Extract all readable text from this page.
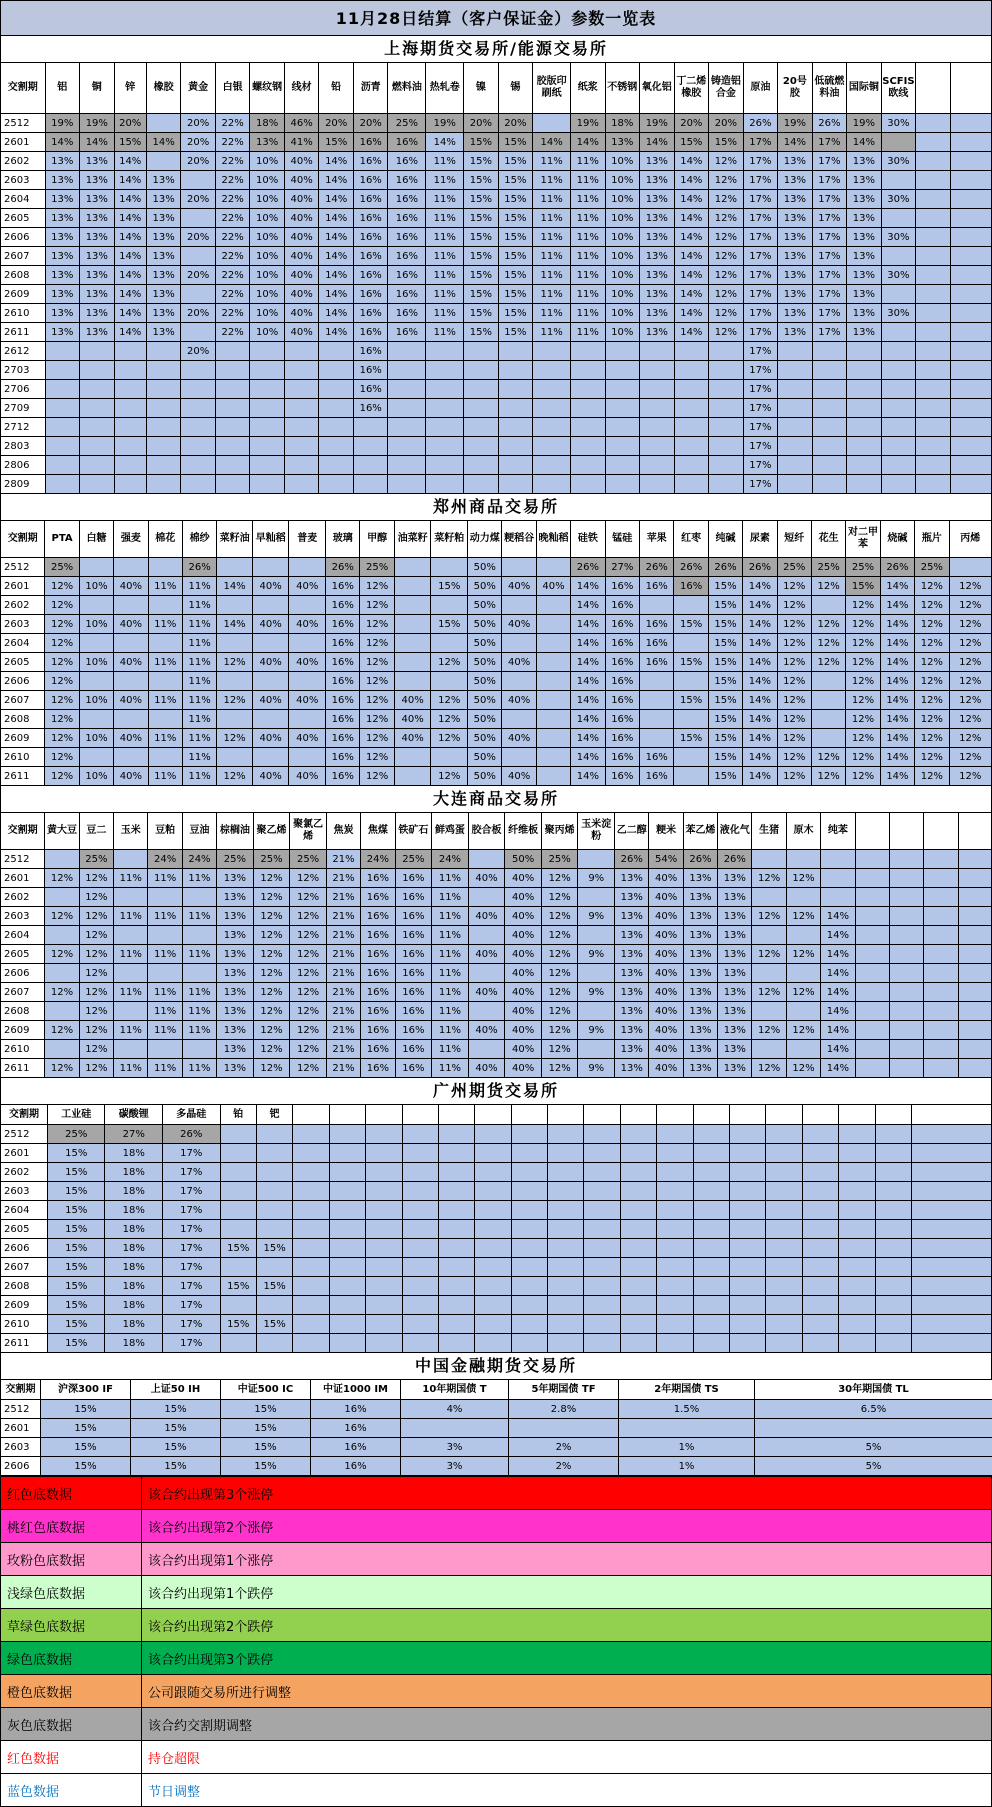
11月28日结算（客户保证金）参数一览表
上海期货交易所/能源交易所
交割期	铝	铜	锌	橡胶	黄金	白银	螺纹钢	线材	铅	沥青	燃料油	热轧卷	镍	锡	胶版印刷纸	纸浆	不锈钢	氧化铝	丁二烯橡胶	铸造铝合金	原油	20号胶	低硫燃料油	国际铜	SCFIS欧线		
2512	19%	19%	20%		20%	22%	18%	46%	20%	20%	25%	19%	20%	20%		19%	18%	19%	20%	20%	26%	19%	26%	19%	30%		
2601	14%	14%	15%	14%	20%	22%	13%	41%	15%	16%	16%	14%	15%	15%	14%	14%	13%	14%	15%	15%	17%	14%	17%	14%			
2602	13%	13%	14%		20%	22%	10%	40%	14%	16%	16%	11%	15%	15%	11%	11%	10%	13%	14%	12%	17%	13%	17%	13%	30%		
2603	13%	13%	14%	13%		22%	10%	40%	14%	16%	16%	11%	15%	15%	11%	11%	10%	13%	14%	12%	17%	13%	17%	13%			
2604	13%	13%	14%	13%	20%	22%	10%	40%	14%	16%	16%	11%	15%	15%	11%	11%	10%	13%	14%	12%	17%	13%	17%	13%	30%		
2605	13%	13%	14%	13%		22%	10%	40%	14%	16%	16%	11%	15%	15%	11%	11%	10%	13%	14%	12%	17%	13%	17%	13%			
2606	13%	13%	14%	13%	20%	22%	10%	40%	14%	16%	16%	11%	15%	15%	11%	11%	10%	13%	14%	12%	17%	13%	17%	13%	30%		
2607	13%	13%	14%	13%		22%	10%	40%	14%	16%	16%	11%	15%	15%	11%	11%	10%	13%	14%	12%	17%	13%	17%	13%			
2608	13%	13%	14%	13%	20%	22%	10%	40%	14%	16%	16%	11%	15%	15%	11%	11%	10%	13%	14%	12%	17%	13%	17%	13%	30%		
2609	13%	13%	14%	13%		22%	10%	40%	14%	16%	16%	11%	15%	15%	11%	11%	10%	13%	14%	12%	17%	13%	17%	13%			
2610	13%	13%	14%	13%	20%	22%	10%	40%	14%	16%	16%	11%	15%	15%	11%	11%	10%	13%	14%	12%	17%	13%	17%	13%	30%		
2611	13%	13%	14%	13%		22%	10%	40%	14%	16%	16%	11%	15%	15%	11%	11%	10%	13%	14%	12%	17%	13%	17%	13%			
2612					20%					16%											17%						
2703										16%											17%						
2706										16%											17%						
2709										16%											17%						
2712																					17%						
2803																					17%						
2806																					17%						
2809																					17%						
郑州商品交易所
交割期	PTA	白糖	强麦	棉花	棉纱	菜籽油	早籼稻	普麦	玻璃	甲醇	油菜籽	菜籽粕	动力煤	粳稻谷	晚籼稻	硅铁	锰硅	苹果	红枣	纯碱	尿素	短纤	花生	对二甲苯	烧碱	瓶片	丙烯
2512	25%				26%				26%	25%			50%			26%	27%	26%	26%	26%	26%	25%	25%	25%	26%	25%	
2601	12%	10%	40%	11%	11%	14%	40%	40%	16%	12%		15%	50%	40%	40%	14%	16%	16%	16%	15%	14%	12%	12%	15%	14%	12%	12%
2602	12%				11%				16%	12%			50%			14%	16%			15%	14%	12%		12%	14%	12%	12%
2603	12%	10%	40%	11%	11%	14%	40%	40%	16%	12%		15%	50%	40%		14%	16%	16%	15%	15%	14%	12%	12%	12%	14%	12%	12%
2604	12%				11%				16%	12%			50%			14%	16%	16%		15%	14%	12%	12%	12%	14%	12%	12%
2605	12%	10%	40%	11%	11%	12%	40%	40%	16%	12%		12%	50%	40%		14%	16%	16%	15%	15%	14%	12%	12%	12%	14%	12%	12%
2606	12%				11%				16%	12%			50%			14%	16%			15%	14%	12%		12%	14%	12%	12%
2607	12%	10%	40%	11%	11%	12%	40%	40%	16%	12%	40%	12%	50%	40%		14%	16%		15%	15%	14%	12%		12%	14%	12%	12%
2608	12%				11%				16%	12%	40%	12%	50%			14%	16%			15%	14%	12%		12%	14%	12%	12%
2609	12%	10%	40%	11%	11%	12%	40%	40%	16%	12%	40%	12%	50%	40%		14%	16%		15%	15%	14%	12%		12%	14%	12%	12%
2610	12%				11%				16%	12%			50%			14%	16%	16%		15%	14%	12%	12%	12%	14%	12%	12%
2611	12%	10%	40%	11%	11%	12%	40%	40%	16%	12%		12%	50%	40%		14%	16%	16%		15%	14%	12%	12%	12%	14%	12%	12%
大连商品交易所
交割期	黄大豆	豆二	玉米	豆粕	豆油	棕榈油	聚乙烯	聚氯乙烯	焦炭	焦煤	铁矿石	鲜鸡蛋	胶合板	纤维板	聚丙烯	玉米淀粉	乙二醇	粳米	苯乙烯	液化气	生猪	原木	纯苯				
2512		25%		24%	24%	25%	25%	25%	21%	24%	25%	24%		50%	25%		26%	54%	26%	26%							
2601	12%	12%	11%	11%	11%	13%	12%	12%	21%	16%	16%	11%	40%	40%	12%	9%	13%	40%	13%	13%	12%	12%					
2602		12%				13%	12%	12%	21%	16%	16%	11%		40%	12%		13%	40%	13%	13%							
2603	12%	12%	11%	11%	11%	13%	12%	12%	21%	16%	16%	11%	40%	40%	12%	9%	13%	40%	13%	13%	12%	12%	14%				
2604		12%				13%	12%	12%	21%	16%	16%	11%		40%	12%		13%	40%	13%	13%			14%				
2605	12%	12%	11%	11%	11%	13%	12%	12%	21%	16%	16%	11%	40%	40%	12%	9%	13%	40%	13%	13%	12%	12%	14%				
2606		12%				13%	12%	12%	21%	16%	16%	11%		40%	12%		13%	40%	13%	13%			14%				
2607	12%	12%	11%	11%	11%	13%	12%	12%	21%	16%	16%	11%	40%	40%	12%	9%	13%	40%	13%	13%	12%	12%	14%				
2608		12%		11%	11%	13%	12%	12%	21%	16%	16%	11%		40%	12%		13%	40%	13%	13%			14%				
2609	12%	12%	11%	11%	11%	13%	12%	12%	21%	16%	16%	11%	40%	40%	12%	9%	13%	40%	13%	13%	12%	12%	14%				
2610		12%				13%	12%	12%	21%	16%	16%	11%		40%	12%		13%	40%	13%	13%			14%				
2611	12%	12%	11%	11%	11%	13%	12%	12%	21%	16%	16%	11%	40%	40%	12%	9%	13%	40%	13%	13%	12%	12%	14%				
广州期货交易所
交割期	工业硅	碳酸锂	多晶硅	铂	钯																		
2512	25%	27%	26%																				
2601	15%	18%	17%																				
2602	15%	18%	17%																				
2603	15%	18%	17%																				
2604	15%	18%	17%																				
2605	15%	18%	17%																				
2606	15%	18%	17%	15%	15%																		
2607	15%	18%	17%																				
2608	15%	18%	17%	15%	15%																		
2609	15%	18%	17%																				
2610	15%	18%	17%	15%	15%																		
2611	15%	18%	17%																				
中国金融期货交易所
交割期	沪深300 IF	上证50 IH	中证500 IC	中证1000 IM	10年期国债 T	5年期国债 TF	2年期国债 TS	30年期国债 TL
2512	15%	15%	15%	16%	4%	2.8%	1.5%	6.5%
2601	15%	15%	15%	16%				
2603	15%	15%	15%	16%	3%	2%	1%	5%
2606	15%	15%	15%	16%	3%	2%	1%	5%
红色底数据	该合约出现第3个涨停
桃红色底数据	该合约出现第2个涨停
玫粉色底数据	该合约出现第1个涨停
浅绿色底数据	该合约出现第1个跌停
草绿色底数据	该合约出现第2个跌停
绿色底数据	该合约出现第3个跌停
橙色底数据	公司跟随交易所进行调整
灰色底数据	该合约交割期调整
红色数据	持仓超限
蓝色数据	节日调整
